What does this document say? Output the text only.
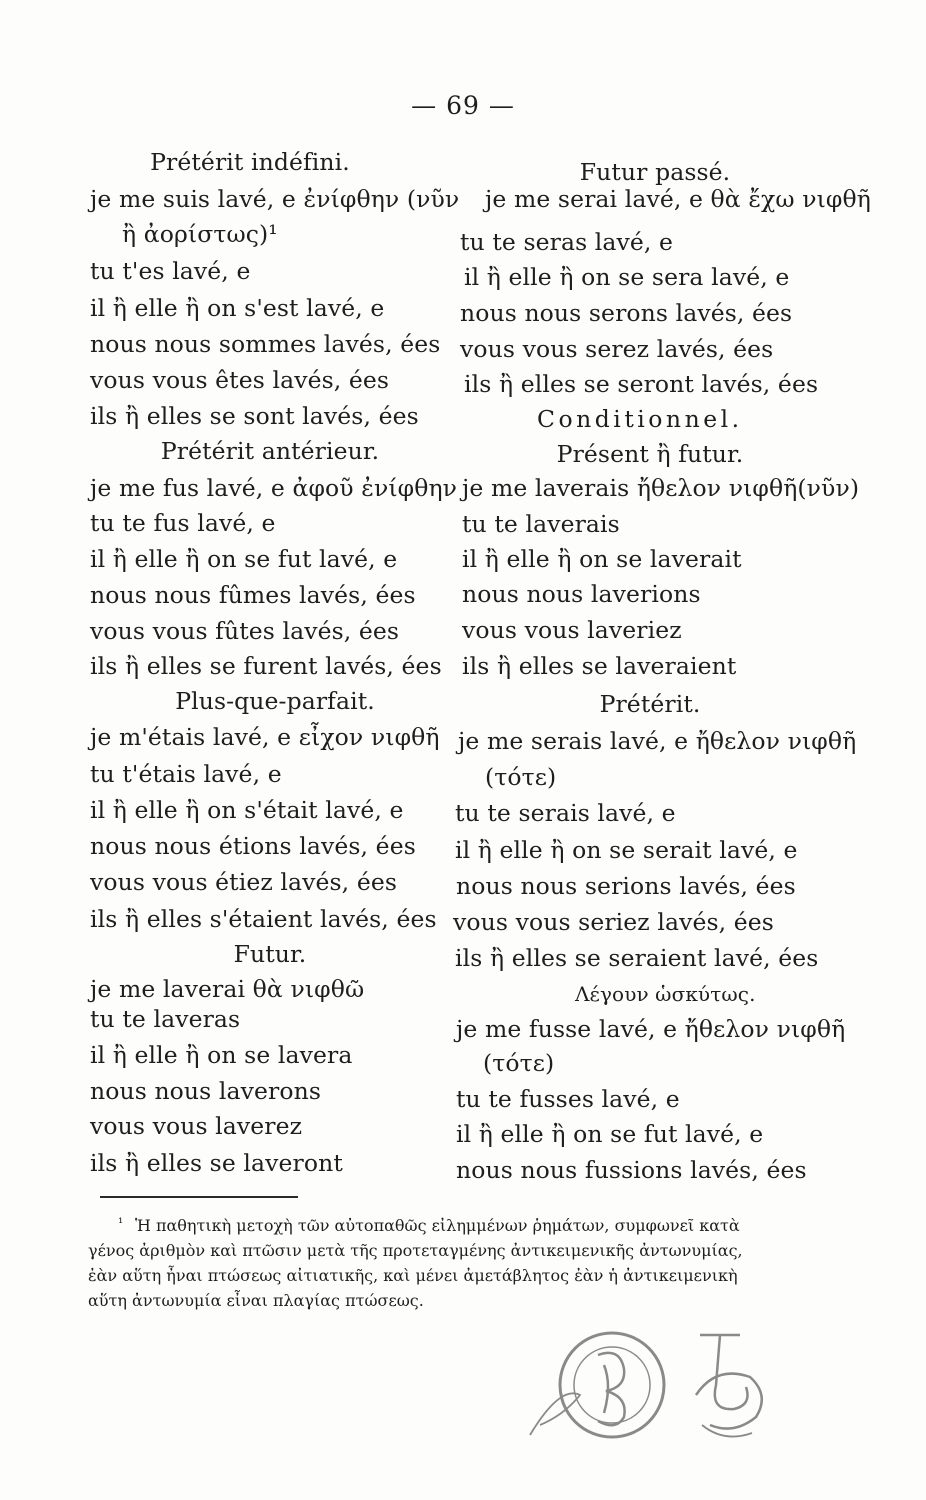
— 69 —
Prétérit indéfini.
je me suis lavé, e ἐνίφθην (νῦν
ἢ ἀορίστως)¹
tu t'es lavé, e
il ἢ elle ἢ on s'est lavé, e
nous nous sommes lavés, ées
vous vous êtes lavés, ées
ils ἢ elles se sont lavés, ées
Prétérit antérieur.
je me fus lavé, e ἀφοῦ ἐνίφθην
tu te fus lavé, e
il ἢ elle ἢ on se fut lavé, e
nous nous fûmes lavés, ées
vous vous fûtes lavés, ées
ils ἢ elles se furent lavés, ées
Plus-que-parfait.
je m'étais lavé, e εἶχον νιφθῆ
tu t'étais lavé, e
il ἢ elle ἢ on s'était lavé, e
nous nous étions lavés, ées
vous vous étiez lavés, ées
ils ἢ elles s'étaient lavés, ées
Futur.
je me laverai θὰ νιφθῶ
tu te laveras
il ἢ elle ἢ on se lavera
nous nous laverons
vous vous laverez
ils ἢ elles se laveront
Futur passé.
je me serai lavé, e θὰ ἔχω νιφθῆ
tu te seras lavé, e
il ἢ elle ἢ on se sera lavé, e
nous nous serons lavés, ées
vous vous serez lavés, ées
ils ἢ elles se seront lavés, ées
Conditionnel.
Présent ἢ futur.
je me laverais ἤθελον νιφθῆ(νῦν)
tu te laverais
il ἢ elle ἢ on se laverait
nous nous laverions
vous vous laveriez
ils ἢ elles se laveraient
Prétérit.
je me serais lavé, e ἤθελον νιφθῆ
(τότε)
tu te serais lavé, e
il ἢ elle ἢ on se serait lavé, e
nous nous serions lavés, ées
vous vous seriez lavés, ées
ils ἢ elles se seraient lavé, ées
Λέγουν ὡσκύτως.
je me fusse lavé, e ἤθελον νιφθῆ
(τότε)
tu te fusses lavé, e
il ἢ elle ἢ on se fut lavé, e
nous nous fussions lavés, ées
¹ Ἡ παθητικὴ μετοχὴ τῶν αὐτοπαθῶς εἰλημμένων ῥημάτων, συμφωνεῖ κατὰ
γένος ἀριθμὸν καὶ πτῶσιν μετὰ τῆς προτεταγμένης ἀντικειμενικῆς ἀντωνυμίας,
ἐὰν αὕτη ἦναι πτώσεως αἰτιατικῆς, καὶ μένει ἀμετάβλητος ἐὰν ἡ ἀντικειμενικὴ
αὕτη ἀντωνυμία εἶναι πλαγίας πτώσεως.
